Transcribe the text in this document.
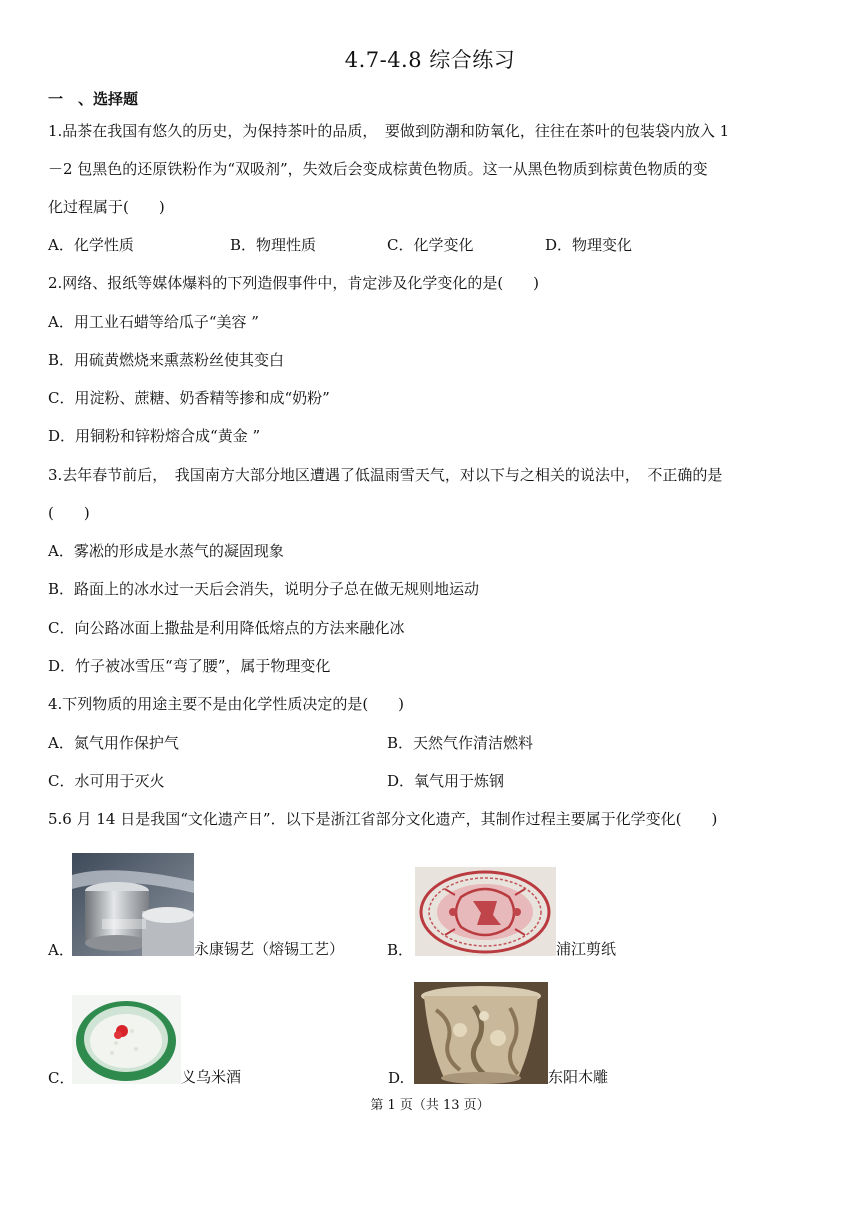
4.7-4.8 综合练习
一　、选择题
1.品茶在我国有悠久的历史，为保持茶叶的品质，　要做到防潮和防氧化，往往在茶叶的包装袋内放入 1
－2 包黑色的还原铁粉作为“双吸剂”，失效后会变成棕黄色物质。这一从黑色物质到棕黄色物质的变
化过程属于(　　)
A．化学性质	B．物理性质	C．化学变化	D．物理变化
2.网络、报纸等媒体爆料的下列造假事件中，肯定涉及化学变化的是(　　)
A．用工业石蜡等给瓜子“美容 ”
B．用硫黄燃烧来熏蒸粉丝使其变白
C．用淀粉、蔗糖、奶香精等掺和成“奶粉”
D．用铜粉和锌粉熔合成“黄金 ”
3.去年春节前后，　我国南方大部分地区遭遇了低温雨雪天气，对以下与之相关的说法中，　不正确的是
(　　)
A．雾凇的形成是水蒸气的凝固现象
B．路面上的冰水过一天后会消失，说明分子总在做无规则地运动
C．向公路冰面上撒盐是利用降低熔点的方法来融化冰
D．竹子被冰雪压“弯了腰”，属于物理变化
4.下列物质的用途主要不是由化学性质决定的是(　　)
A．氮气用作保护气	B．天然气作清洁燃料
C．水可用于灭火	D．氧气用于炼钢
5.6 月 14 日是我国“文化遗产日”．以下是浙江省部分文化遗产，其制作过程主要属于化学变化(　　)
A．	永康锡艺（熔锡工艺）	B．	浦江剪纸
C．	义乌米酒	D.	东阳木雕
第 1 页（共 13 页）
